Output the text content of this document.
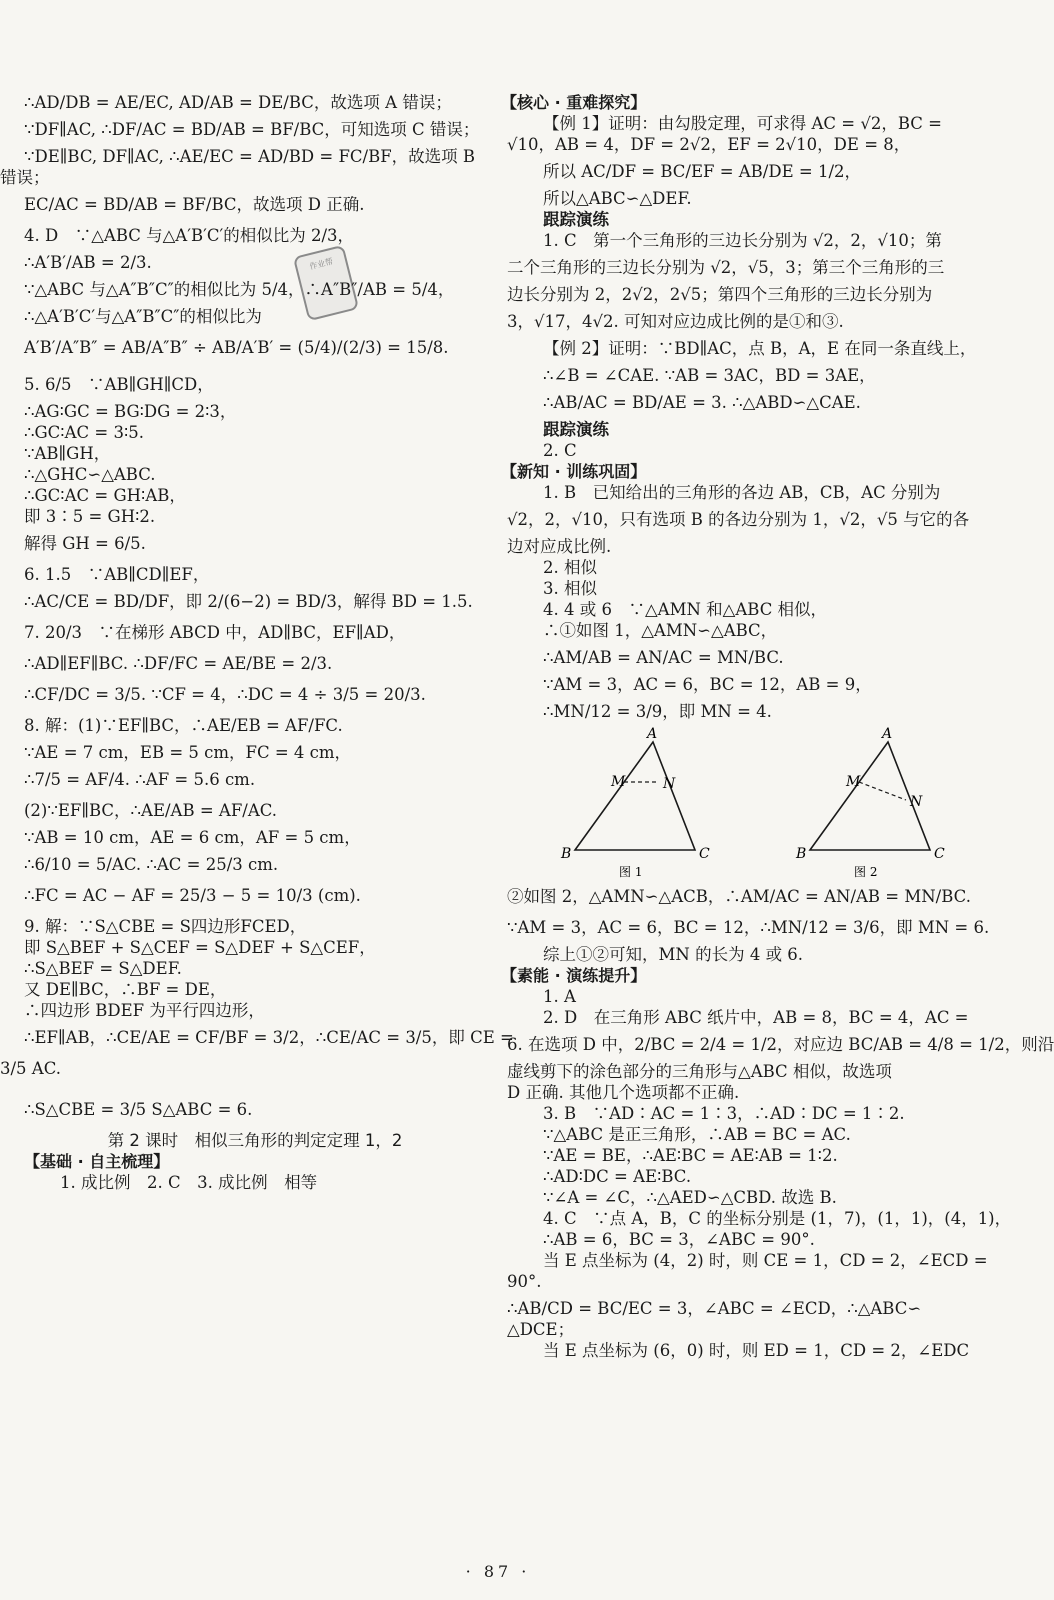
作业帮
∴AD/DB = AE/EC, AD/AB = DE/BC，故选项 A 错误；
∵DF∥AC, ∴DF/AC = BD/AB = BF/BC，可知选项 C 错误；
∵DE∥BC, DF∥AC, ∴AE/EC = AD/BD = FC/BF，故选项 B
错误；
EC/AC = BD/AB = BF/BC，故选项 D 正确.
4. D　∵△ABC 与△A′B′C′的相似比为 2/3，
∴A′B′/AB = 2/3.
∵△ABC 与△A″B″C″的相似比为 5/4，∴A″B″/AB = 5/4，
∴△A′B′C′与△A″B″C″的相似比为
A′B′/A″B″ = AB/A″B″ ÷ AB/A′B′ = (5/4)/(2/3) = 15/8.
5. 6/5　∵AB∥GH∥CD，
∴AG∶GC = BG∶DG = 2∶3，
∴GC∶AC = 3∶5.
∵AB∥GH，
∴△GHC∽△ABC.
∴GC∶AC = GH∶AB，
即 3∶5 = GH∶2.
解得 GH = 6/5.
6. 1.5　∵AB∥CD∥EF，
∴AC/CE = BD/DF，即 2/(6−2) = BD/3，解得 BD = 1.5.
7. 20/3　∵在梯形 ABCD 中，AD∥BC，EF∥AD，
∴AD∥EF∥BC. ∴DF/FC = AE/BE = 2/3.
∴CF/DC = 3/5. ∵CF = 4，∴DC = 4 ÷ 3/5 = 20/3.
8. 解：(1)∵EF∥BC，∴AE/EB = AF/FC.
∵AE = 7 cm，EB = 5 cm，FC = 4 cm，
∴7/5 = AF/4. ∴AF = 5.6 cm.
(2)∵EF∥BC，∴AE/AB = AF/AC.
∵AB = 10 cm，AE = 6 cm，AF = 5 cm，
∴6/10 = 5/AC. ∴AC = 25/3 cm.
∴FC = AC − AF = 25/3 − 5 = 10/3 (cm).
9. 解：∵S△CBE = S四边形FCED，
即 S△BEF + S△CEF = S△DEF + S△CEF，
∴S△BEF = S△DEF.
又 DE∥BC，∴BF = DE，
∴四边形 BDEF 为平行四边形，
∴EF∥AB，∴CE/AE = CF/BF = 3/2，∴CE/AC = 3/5，即 CE =
3/5 AC.
∴S△CBE = 3/5 S△ABC = 6.
第 2 课时　相似三角形的判定定理 1，2
【基础 · 自主梳理】
1. 成比例　2. C　3. 成比例　相等
【核心 · 重难探究】
【例 1】证明：由勾股定理，可求得 AC = √2，BC =
√10，AB = 4，DF = 2√2，EF = 2√10，DE = 8，
所以 AC/DF = BC/EF = AB/DE = 1/2，
所以△ABC∽△DEF.
跟踪演练
1. C　第一个三角形的三边长分别为 √2，2，√10；第
二个三角形的三边长分别为 √2，√5，3；第三个三角形的三
边长分别为 2，2√2，2√5；第四个三角形的三边长分别为
3，√17，4√2. 可知对应边成比例的是①和③.
【例 2】证明：∵BD∥AC，点 B，A，E 在同一条直线上，
∴∠B = ∠CAE. ∵AB = 3AC，BD = 3AE，
∴AB/AC = BD/AE = 3. ∴△ABD∽△CAE.
跟踪演练
2. C
【新知 · 训练巩固】
1. B　已知给出的三角形的各边 AB，CB，AC 分别为
√2，2，√10，只有选项 B 的各边分别为 1，√2，√5 与它的各
边对应成比例.
2. 相似
3. 相似
4. 4 或 6　∵△AMN 和△ABC 相似，
∴①如图 1，△AMN∽△ABC，
∴AM/AB = AN/AC = MN/BC.
∵AM = 3，AC = 6，BC = 12，AB = 9，
∴MN/12 = 3/9，即 MN = 4.
A
M	N
B	C
图 1
A
M
N
B	C
图 2
②如图 2，△AMN∽△ACB，∴AM/AC = AN/AB = MN/BC.
∵AM = 3，AC = 6，BC = 12，∴MN/12 = 3/6，即 MN = 6.
综上①②可知，MN 的长为 4 或 6.
【素能 · 演练提升】
1. A
2. D　在三角形 ABC 纸片中，AB = 8，BC = 4，AC =
6. 在选项 D 中，2/BC = 2/4 = 1/2，对应边 BC/AB = 4/8 = 1/2，则沿
虚线剪下的涂色部分的三角形与△ABC 相似，故选项
D 正确. 其他几个选项都不正确.
3. B　∵AD∶AC = 1∶3，∴AD∶DC = 1∶2.
∵△ABC 是正三角形，∴AB = BC = AC.
∵AE = BE，∴AE∶BC = AE∶AB = 1∶2.
∴AD∶DC = AE∶BC.
∵∠A = ∠C，∴△AED∽△CBD. 故选 B.
4. C　∵点 A，B，C 的坐标分别是 (1，7)，(1，1)，(4，1)，
∴AB = 6，BC = 3，∠ABC = 90°.
当 E 点坐标为 (4，2) 时，则 CE = 1，CD = 2，∠ECD =
90°.
∴AB/CD = BC/EC = 3，∠ABC = ∠ECD，∴△ABC∽
△DCE；
当 E 点坐标为 (6，0) 时，则 ED = 1，CD = 2，∠EDC
· 87 ·
